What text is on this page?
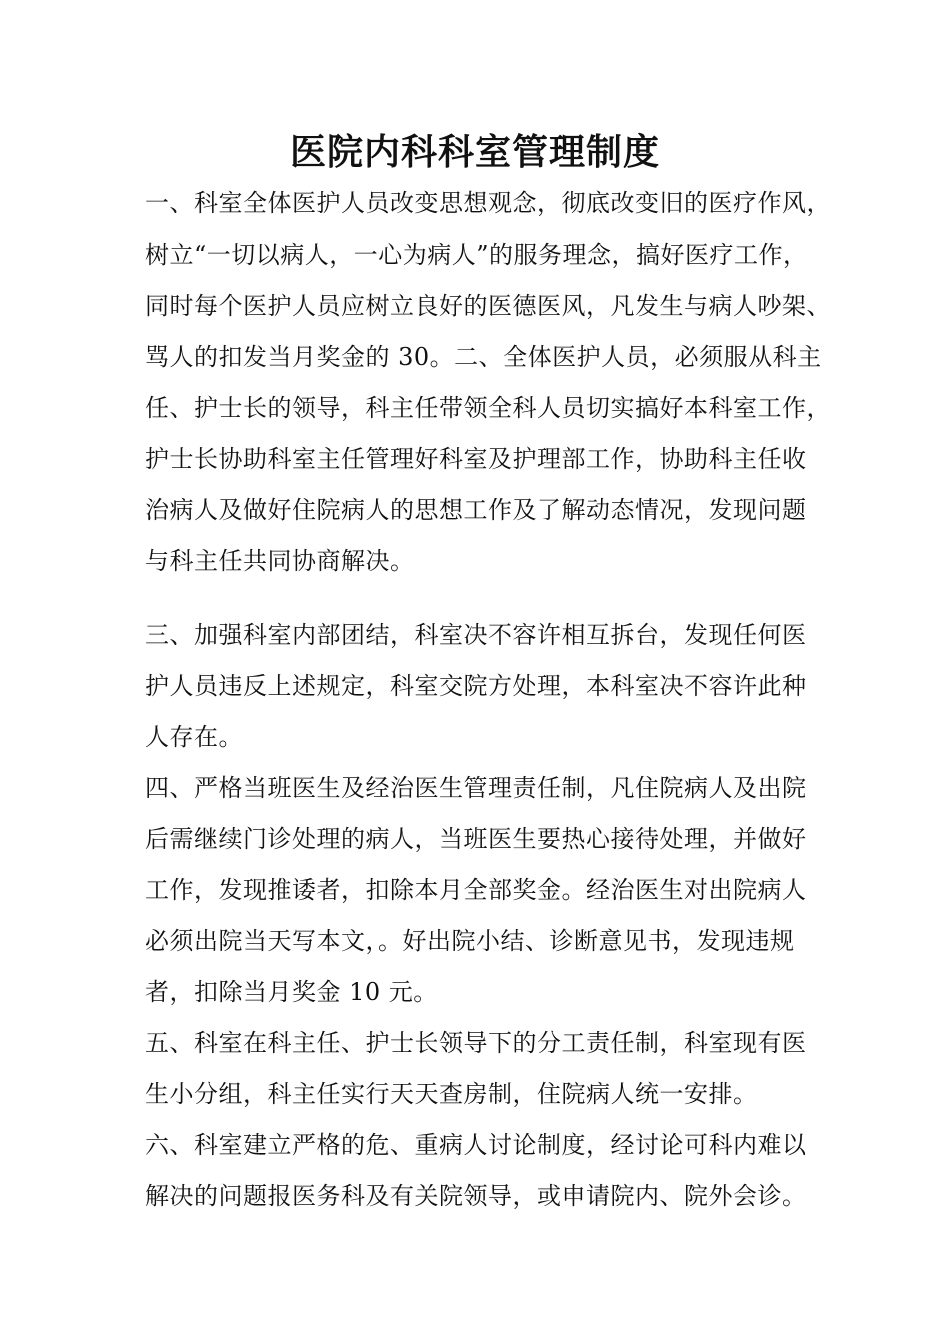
医院内科科室管理制度
一、科室全体医护人员改变思想观念，彻底改变旧的医疗作风，
树立“一切以病人，一心为病人”的服务理念，搞好医疗工作，
同时每个医护人员应树立良好的医德医风，凡发生与病人吵架、
骂人的扣发当月奖金的 30。二、全体医护人员，必须服从科主
任、护士长的领导，科主任带领全科人员切实搞好本科室工作，
护士长协助科室主任管理好科室及护理部工作，协助科主任收
治病人及做好住院病人的思想工作及了解动态情况，发现问题
与科主任共同协商解决。
三、加强科室内部团结，科室决不容许相互拆台，发现任何医
护人员违反上述规定，科室交院方处理，本科室决不容许此种
人存在。
四、严格当班医生及经治医生管理责任制，凡住院病人及出院
后需继续门诊处理的病人，当班医生要热心接待处理，并做好
工作，发现推诿者，扣除本月全部奖金。经治医生对出院病人
必须出院当天写本文，。好出院小结、诊断意见书，发现违规
者，扣除当月奖金 10 元。
五、科室在科主任、护士长领导下的分工责任制，科室现有医
生小分组，科主任实行天天查房制，住院病人统一安排。
六、科室建立严格的危、重病人讨论制度，经讨论可科内难以
解决的问题报医务科及有关院领导，或申请院内、院外会诊。
